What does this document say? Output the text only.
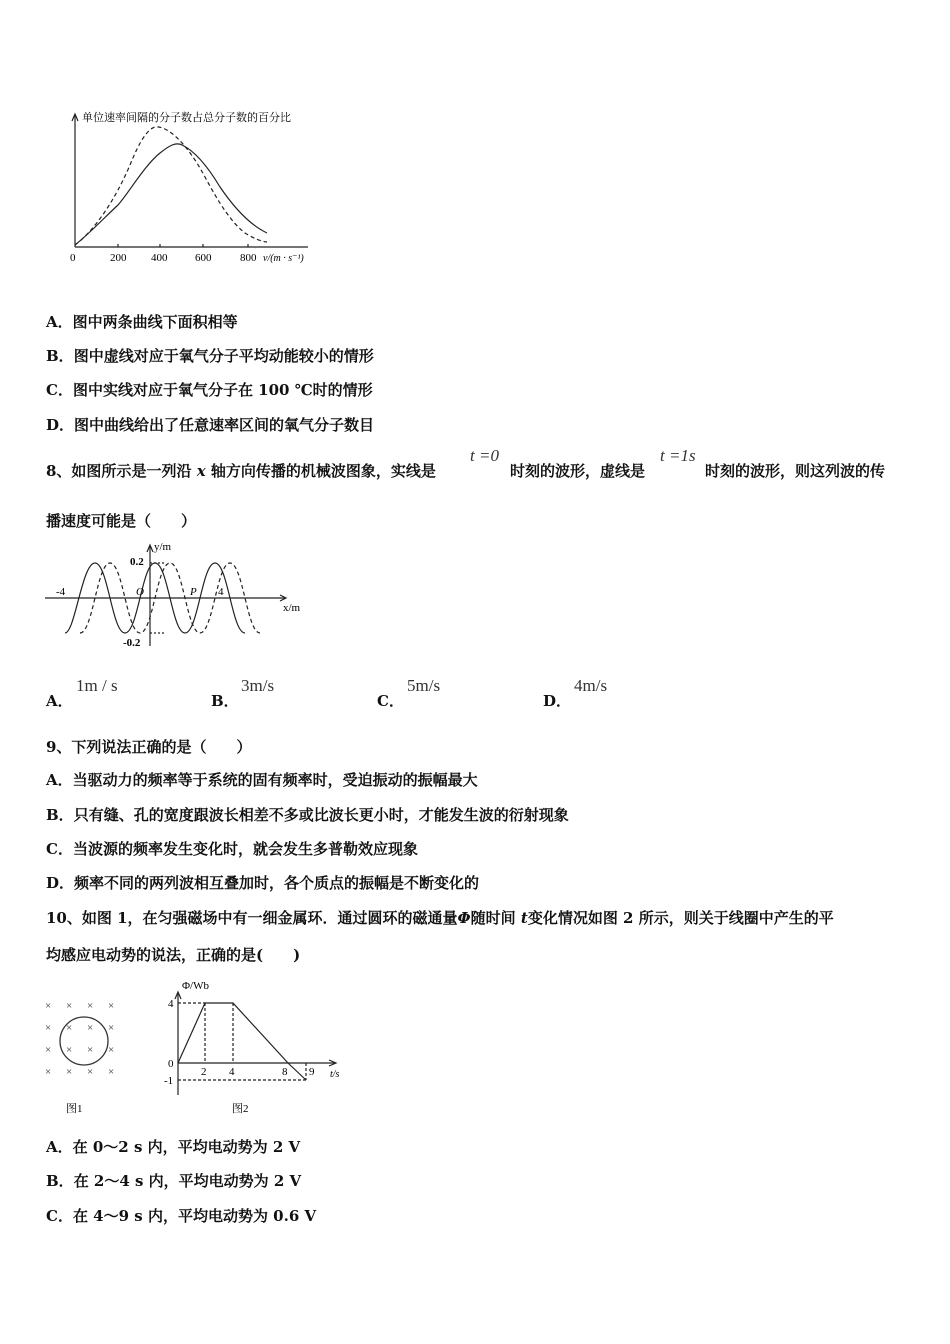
单位速率间隔的分子数占总分子数的百分比
0	200 400	600	800 v/(m · s⁻¹)
A．图中两条曲线下面积相等
B．图中虚线对应于氧气分子平均动能较小的情形
C．图中实线对应于氧气分子在 100 ℃时的情形
D．图中曲线给出了任意速率区间的氧气分子数目
8、如图所示是一列沿 x 轴方向传播的机械波图象，实线是
t =0
时刻的波形，虚线是
t =1s
时刻的波形，则这列波的传
播速度可能是（　　）
y/m
0.2
-0.2
-4	O	P 4
x/m
A．
1m / s
B．
3m/s
C．
5m/s
D．
4m/s
9、下列说法正确的是（　　）
A．当驱动力的频率等于系统的固有频率时，受迫振动的振幅最大
B．只有缝、孔的宽度跟波长相差不多或比波长更小时，才能发生波的衍射现象
C．当波源的频率发生变化时，就会发生多普勒效应现象
D．频率不同的两列波相互叠加时，各个质点的振幅是不断变化的
10、如图 1，在匀强磁场中有一细金属环．通过圆环的磁通量Φ随时间 t变化情况如图 2 所示，则关于线圈中产生的平
均感应电动势的说法，正确的是(　　)
× × × ×
× × × ×
× × × ×
× × × ×
图1
Φ/Wb
4
0
-1
2 4	8 9 t/s
图2
A．在 0～2 s 内，平均电动势为 2 V
B．在 2～4 s 内，平均电动势为 2 V
C．在 4～9 s 内，平均电动势为 0.6 V
